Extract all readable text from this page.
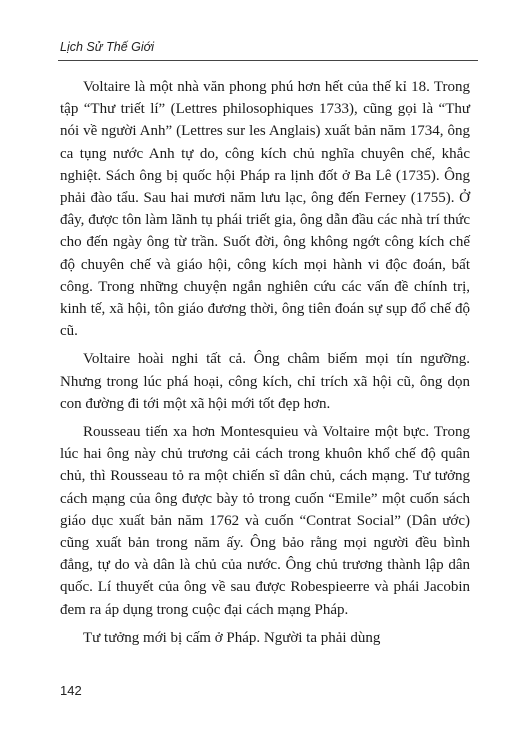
Lịch Sử Thế Giới

Voltaire là một nhà văn phong phú hơn hết của thế kỉ 18. Trong tập “Thư triết lí” (Lettres philosophiques 1733), cũng gọi là “Thư nói về người Anh” (Lettres sur les Anglais) xuất bản năm 1734, ông ca tụng nước Anh tự do, công kích chủ nghĩa chuyên chế, khắc nghiệt. Sách ông bị quốc hội Pháp ra lịnh đốt ở Ba Lê (1735). Ông phải đào tẩu. Sau hai mươi năm lưu lạc, ông đến Ferney (1755). Ở đây, được tôn làm lãnh tụ phái triết gia, ông dẫn đầu các nhà trí thức cho đến ngày ông từ trần. Suốt đời, ông không ngớt công kích chế độ chuyên chế và giáo hội, công kích mọi hành vi độc đoán, bất công. Trong những chuyện ngắn nghiên cứu các vấn đề chính trị, kinh tế, xã hội, tôn giáo đương thời, ông tiên đoán sự sụp đổ chế độ cũ.

Voltaire hoài nghi tất cả. Ông châm biếm mọi tín ngưỡng. Nhưng trong lúc phá hoại, công kích, chỉ trích xã hội cũ, ông dọn con đường đi tới một xã hội mới tốt đẹp hơn.

Rousseau tiến xa hơn Montesquieu và Voltaire một bực. Trong lúc hai ông này chủ trương cải cách trong khuôn khổ chế độ quân chủ, thì Rousseau tỏ ra một chiến sĩ dân chủ, cách mạng. Tư tưởng cách mạng của ông được bày tỏ trong cuốn “Emile” một cuốn sách giáo dục xuất bản năm 1762 và cuốn “Contrat Social” (Dân ước) cũng xuất bản trong năm ấy. Ông bảo rằng mọi người đều bình đẳng, tự do và dân là chủ của nước. Ông chủ trương thành lập dân quốc. Lí thuyết của ông về sau được Robespieerre và phái Jacobin đem ra áp dụng trong cuộc đại cách mạng Pháp.

Tư tưởng mới bị cấm ở Pháp. Người ta phải dùng

142
